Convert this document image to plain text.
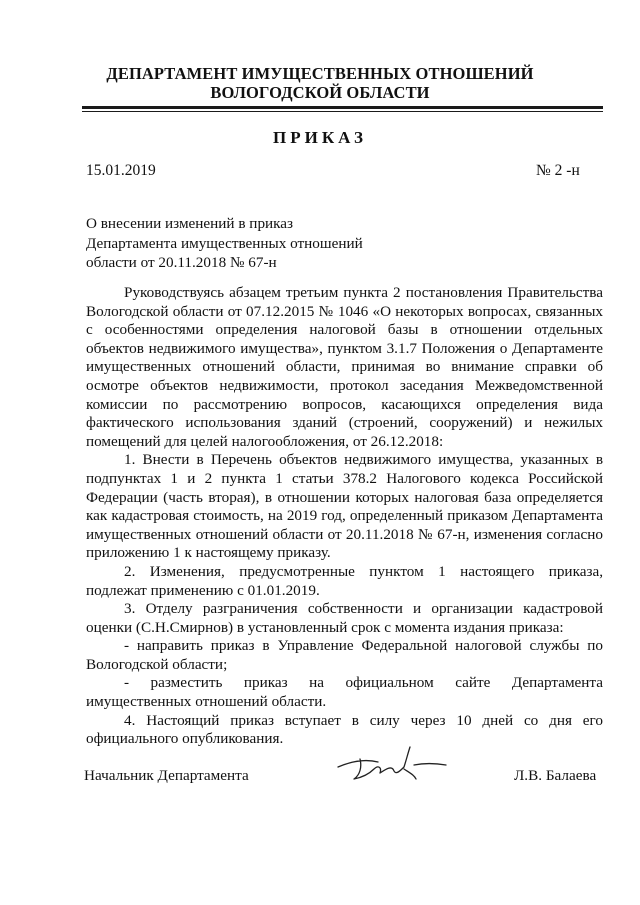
ДЕПАРТАМЕНТ ИМУЩЕСТВЕННЫХ ОТНОШЕНИЙ
ВОЛОГОДСКОЙ ОБЛАСТИ
ПРИКАЗ
15.01.2019	№ 2 -н
О внесении изменений в приказ
Департамента имущественных отношений
области от 20.11.2018 № 67-н

Руководствуясь абзацем третьим пункта 2 постановления Правительства Вологодской области от 07.12.2015 № 1046 «О некоторых вопросах, связанных с особенностями определения налоговой базы в отношении отдельных объектов недвижимого имущества», пунктом 3.1.7 Положения о Департаменте имущественных отношений области, принимая во внимание справки об осмотре объектов недвижимости, протокол заседания Межведомственной комиссии по рассмотрению вопросов, касающихся определения вида фактического использования зданий (строений, сооружений) и нежилых помещений для целей налогообложения, от 26.12.2018:

1. Внести в Перечень объектов недвижимого имущества, указанных в подпунктах 1 и 2 пункта 1 статьи 378.2 Налогового кодекса Российской Федерации (часть вторая), в отношении которых налоговая база определяется как кадастровая стоимость, на 2019 год, определенный приказом Департамента имущественных отношений области от 20.11.2018 № 67-н, изменения согласно приложению 1 к настоящему приказу.

2. Изменения, предусмотренные пунктом 1 настоящего приказа, подлежат применению с 01.01.2019.

3. Отделу разграничения собственности и организации кадастровой оценки (С.Н.Смирнов) в установленный срок с момента издания приказа:

- направить приказ в Управление Федеральной налоговой службы по Вологодской области;

- разместить приказ на официальном сайте Департамента имущественных отношений области.

4. Настоящий приказ вступает в силу через 10 дней со дня его официального опубликования.

Начальник Департамента	Л.В. Балаева
